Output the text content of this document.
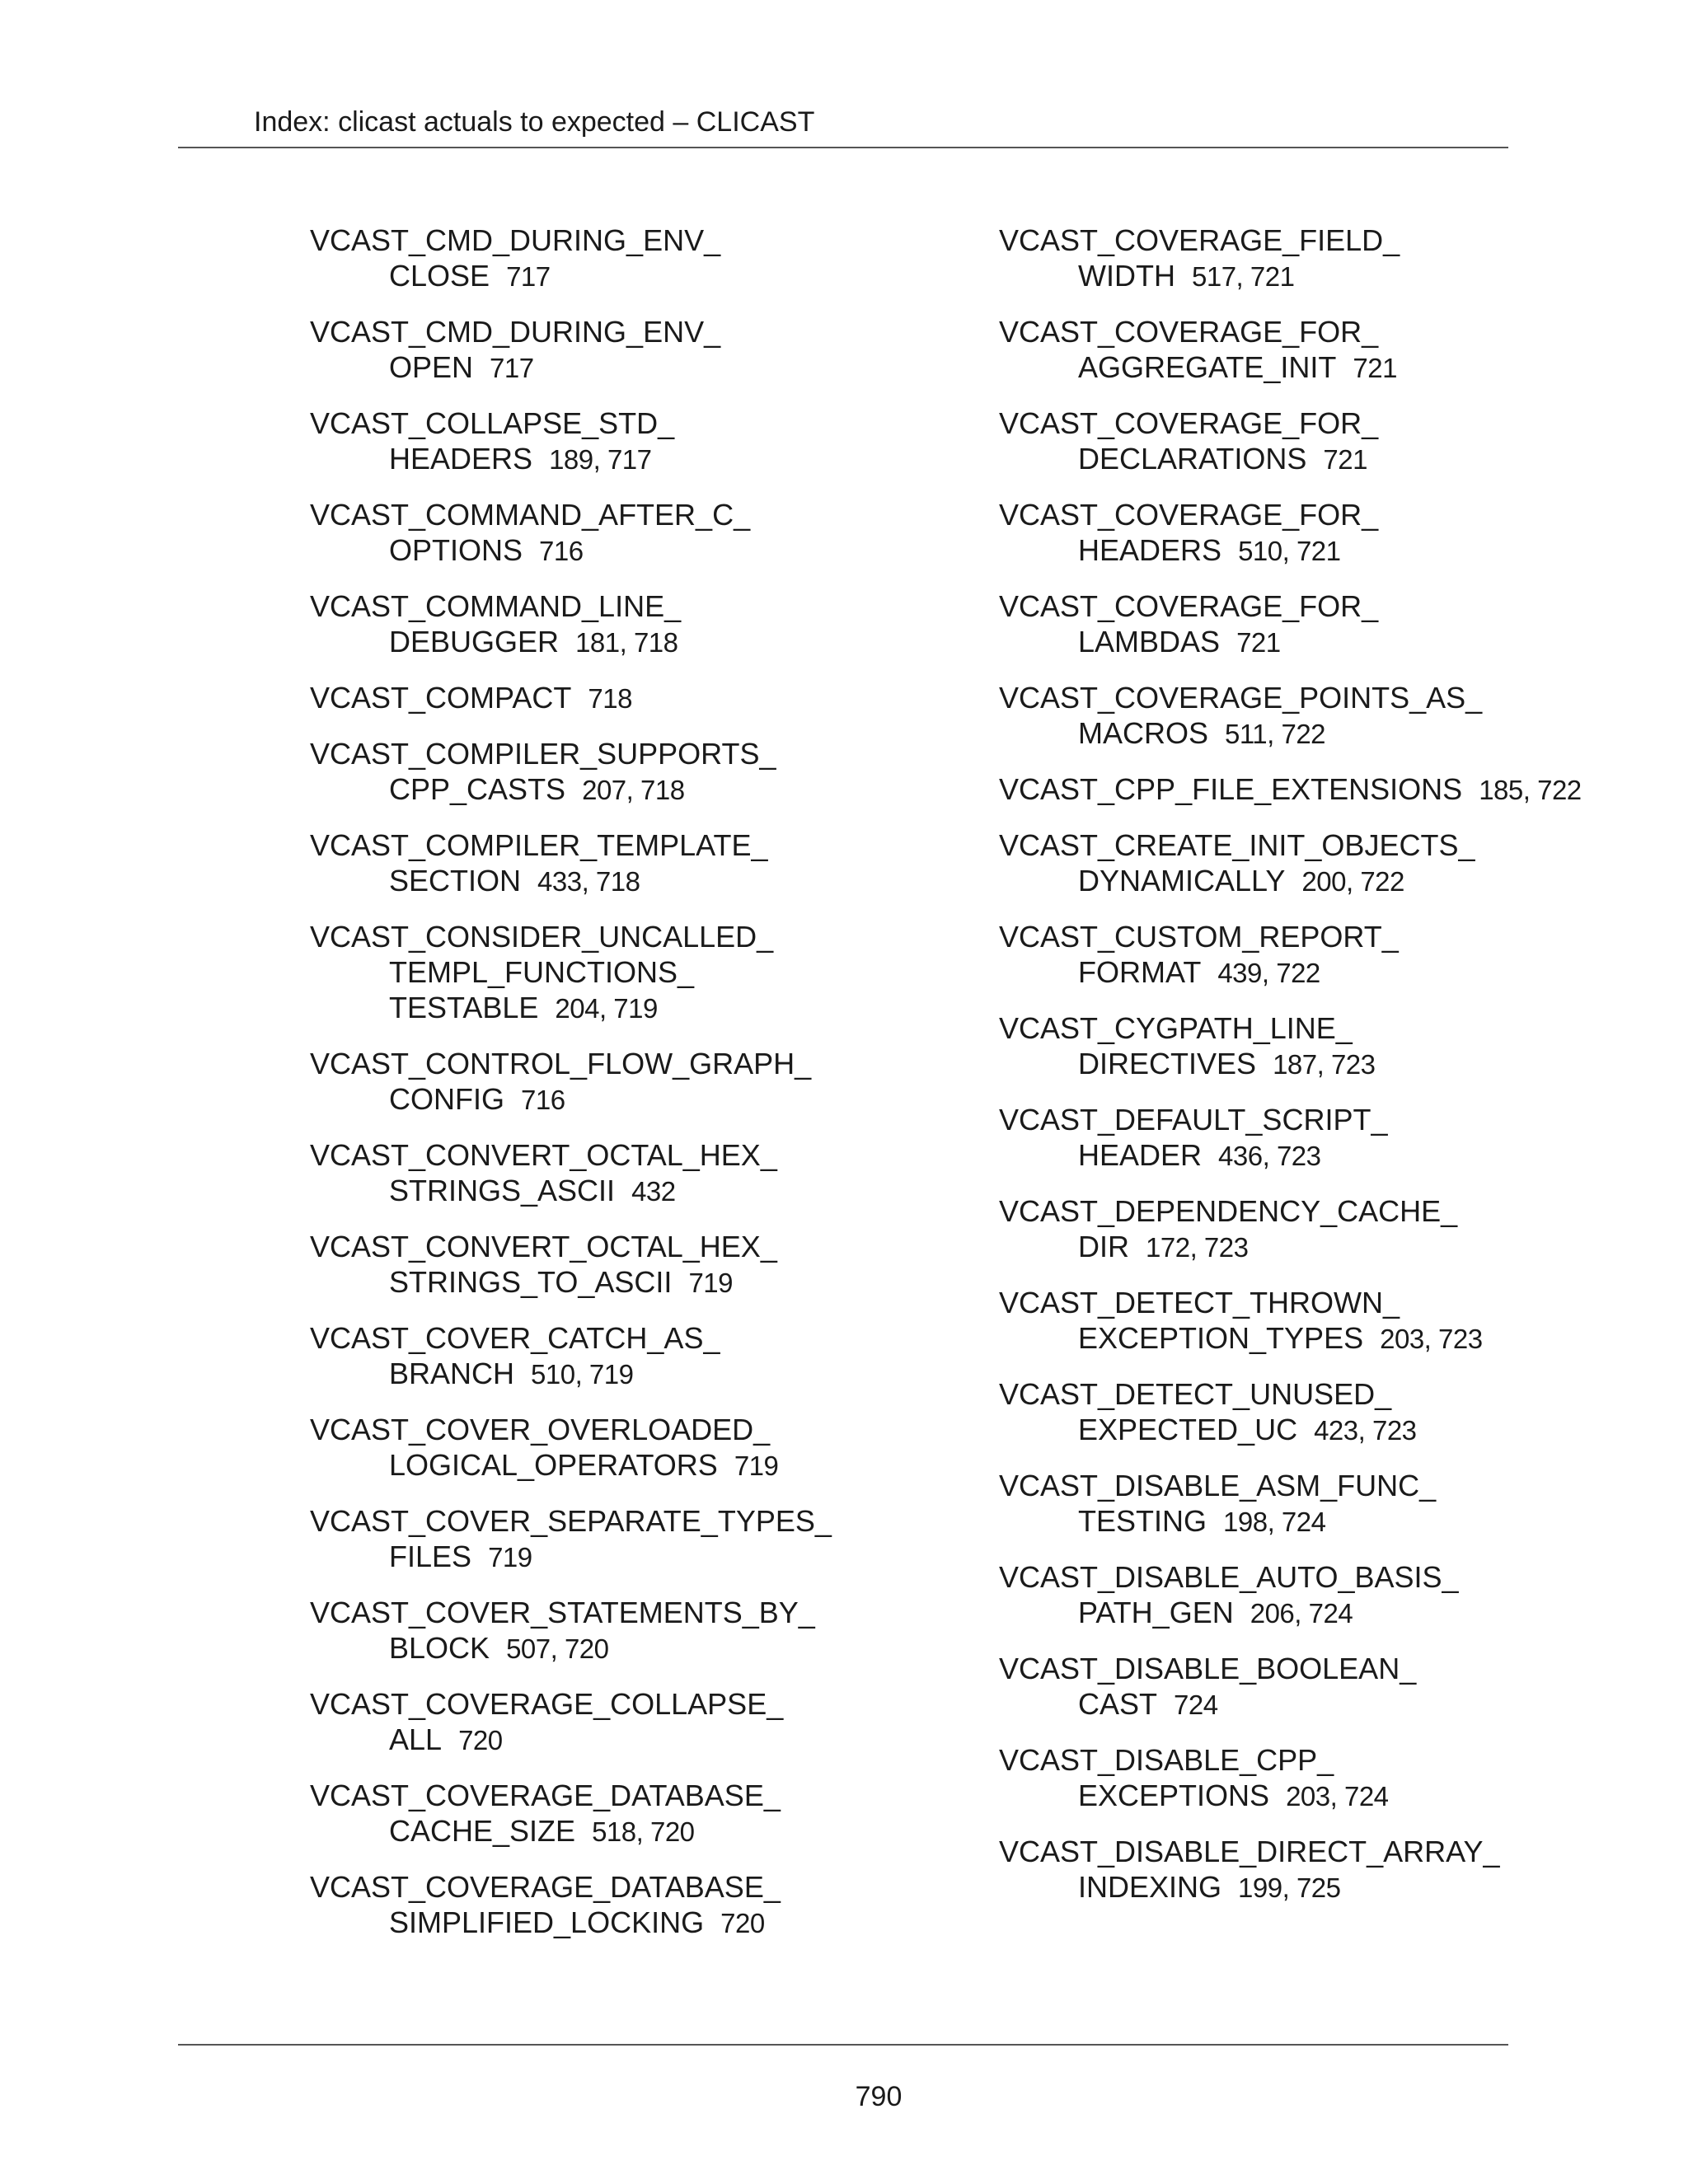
Index: clicast actuals to expected – CLICAST
VCAST_CMD_DURING_ENV_
CLOSE 717
VCAST_CMD_DURING_ENV_
OPEN 717
VCAST_COLLAPSE_STD_
HEADERS 189, 717
VCAST_COMMAND_AFTER_C_
OPTIONS 716
VCAST_COMMAND_LINE_
DEBUGGER 181, 718
VCAST_COMPACT 718
VCAST_COMPILER_SUPPORTS_
CPP_CASTS 207, 718
VCAST_COMPILER_TEMPLATE_
SECTION 433, 718
VCAST_CONSIDER_UNCALLED_
TEMPL_FUNCTIONS_
TESTABLE 204, 719
VCAST_CONTROL_FLOW_GRAPH_
CONFIG 716
VCAST_CONVERT_OCTAL_HEX_
STRINGS_ASCII 432
VCAST_CONVERT_OCTAL_HEX_
STRINGS_TO_ASCII 719
VCAST_COVER_CATCH_AS_
BRANCH 510, 719
VCAST_COVER_OVERLOADED_
LOGICAL_OPERATORS 719
VCAST_COVER_SEPARATE_TYPES_
FILES 719
VCAST_COVER_STATEMENTS_BY_
BLOCK 507, 720
VCAST_COVERAGE_COLLAPSE_
ALL 720
VCAST_COVERAGE_DATABASE_
CACHE_SIZE 518, 720
VCAST_COVERAGE_DATABASE_
SIMPLIFIED_LOCKING 720
VCAST_COVERAGE_FIELD_
WIDTH 517, 721
VCAST_COVERAGE_FOR_
AGGREGATE_INIT 721
VCAST_COVERAGE_FOR_
DECLARATIONS 721
VCAST_COVERAGE_FOR_
HEADERS 510, 721
VCAST_COVERAGE_FOR_
LAMBDAS 721
VCAST_COVERAGE_POINTS_AS_
MACROS 511, 722
VCAST_CPP_FILE_EXTENSIONS 185, 722
VCAST_CREATE_INIT_OBJECTS_
DYNAMICALLY 200, 722
VCAST_CUSTOM_REPORT_
FORMAT 439, 722
VCAST_CYGPATH_LINE_
DIRECTIVES 187, 723
VCAST_DEFAULT_SCRIPT_
HEADER 436, 723
VCAST_DEPENDENCY_CACHE_
DIR 172, 723
VCAST_DETECT_THROWN_
EXCEPTION_TYPES 203, 723
VCAST_DETECT_UNUSED_
EXPECTED_UC 423, 723
VCAST_DISABLE_ASM_FUNC_
TESTING 198, 724
VCAST_DISABLE_AUTO_BASIS_
PATH_GEN 206, 724
VCAST_DISABLE_BOOLEAN_
CAST 724
VCAST_DISABLE_CPP_
EXCEPTIONS 203, 724
VCAST_DISABLE_DIRECT_ARRAY_
INDEXING 199, 725
790
